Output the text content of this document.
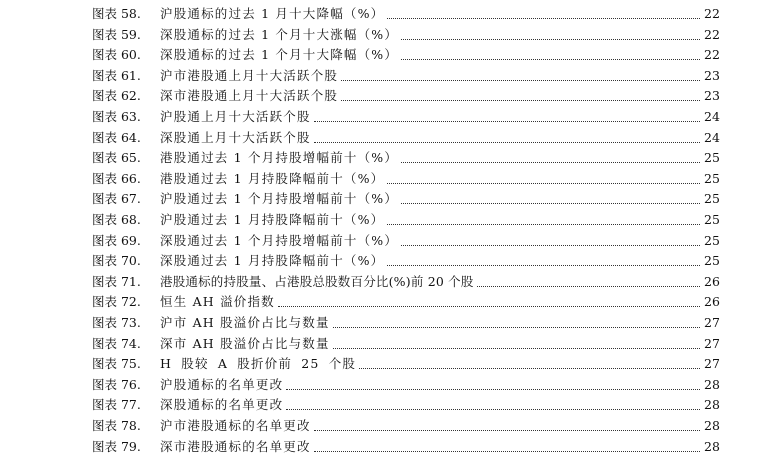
图表 58.	沪股通标的过去 1 月十大降幅（%）	22
图表 59.	深股通标的过去 1 个月十大涨幅（%）	22
图表 60.	深股通标的过去 1 个月十大降幅（%）	22
图表 61.	沪市港股通上月十大活跃个股	23
图表 62.	深市港股通上月十大活跃个股	23
图表 63.	沪股通上月十大活跃个股	24
图表 64.	深股通上月十大活跃个股	24
图表 65.	港股通过去 1 个月持股增幅前十（%）	25
图表 66.	港股通过去 1 月持股降幅前十（%）	25
图表 67.	沪股通过去 1 个月持股增幅前十（%）	25
图表 68.	沪股通过去 1 月持股降幅前十（%）	25
图表 69.	深股通过去 1 个月持股增幅前十（%）	25
图表 70.	深股通过去 1 月持股降幅前十（%）	25
图表 71.	港股通标的持股量、占港股总股数百分比(%)前 20 个股	26
图表 72.	恒生 AH 溢价指数	26
图表 73.	沪市 AH 股溢价占比与数量	27
图表 74.	深市 AH 股溢价占比与数量	27
图表 75.	H 股较 A 股折价前 25 个股	27
图表 76.	沪股通标的名单更改	28
图表 77.	深股通标的名单更改	28
图表 78.	沪市港股通标的名单更改	28
图表 79.	深市港股通标的名单更改	28
